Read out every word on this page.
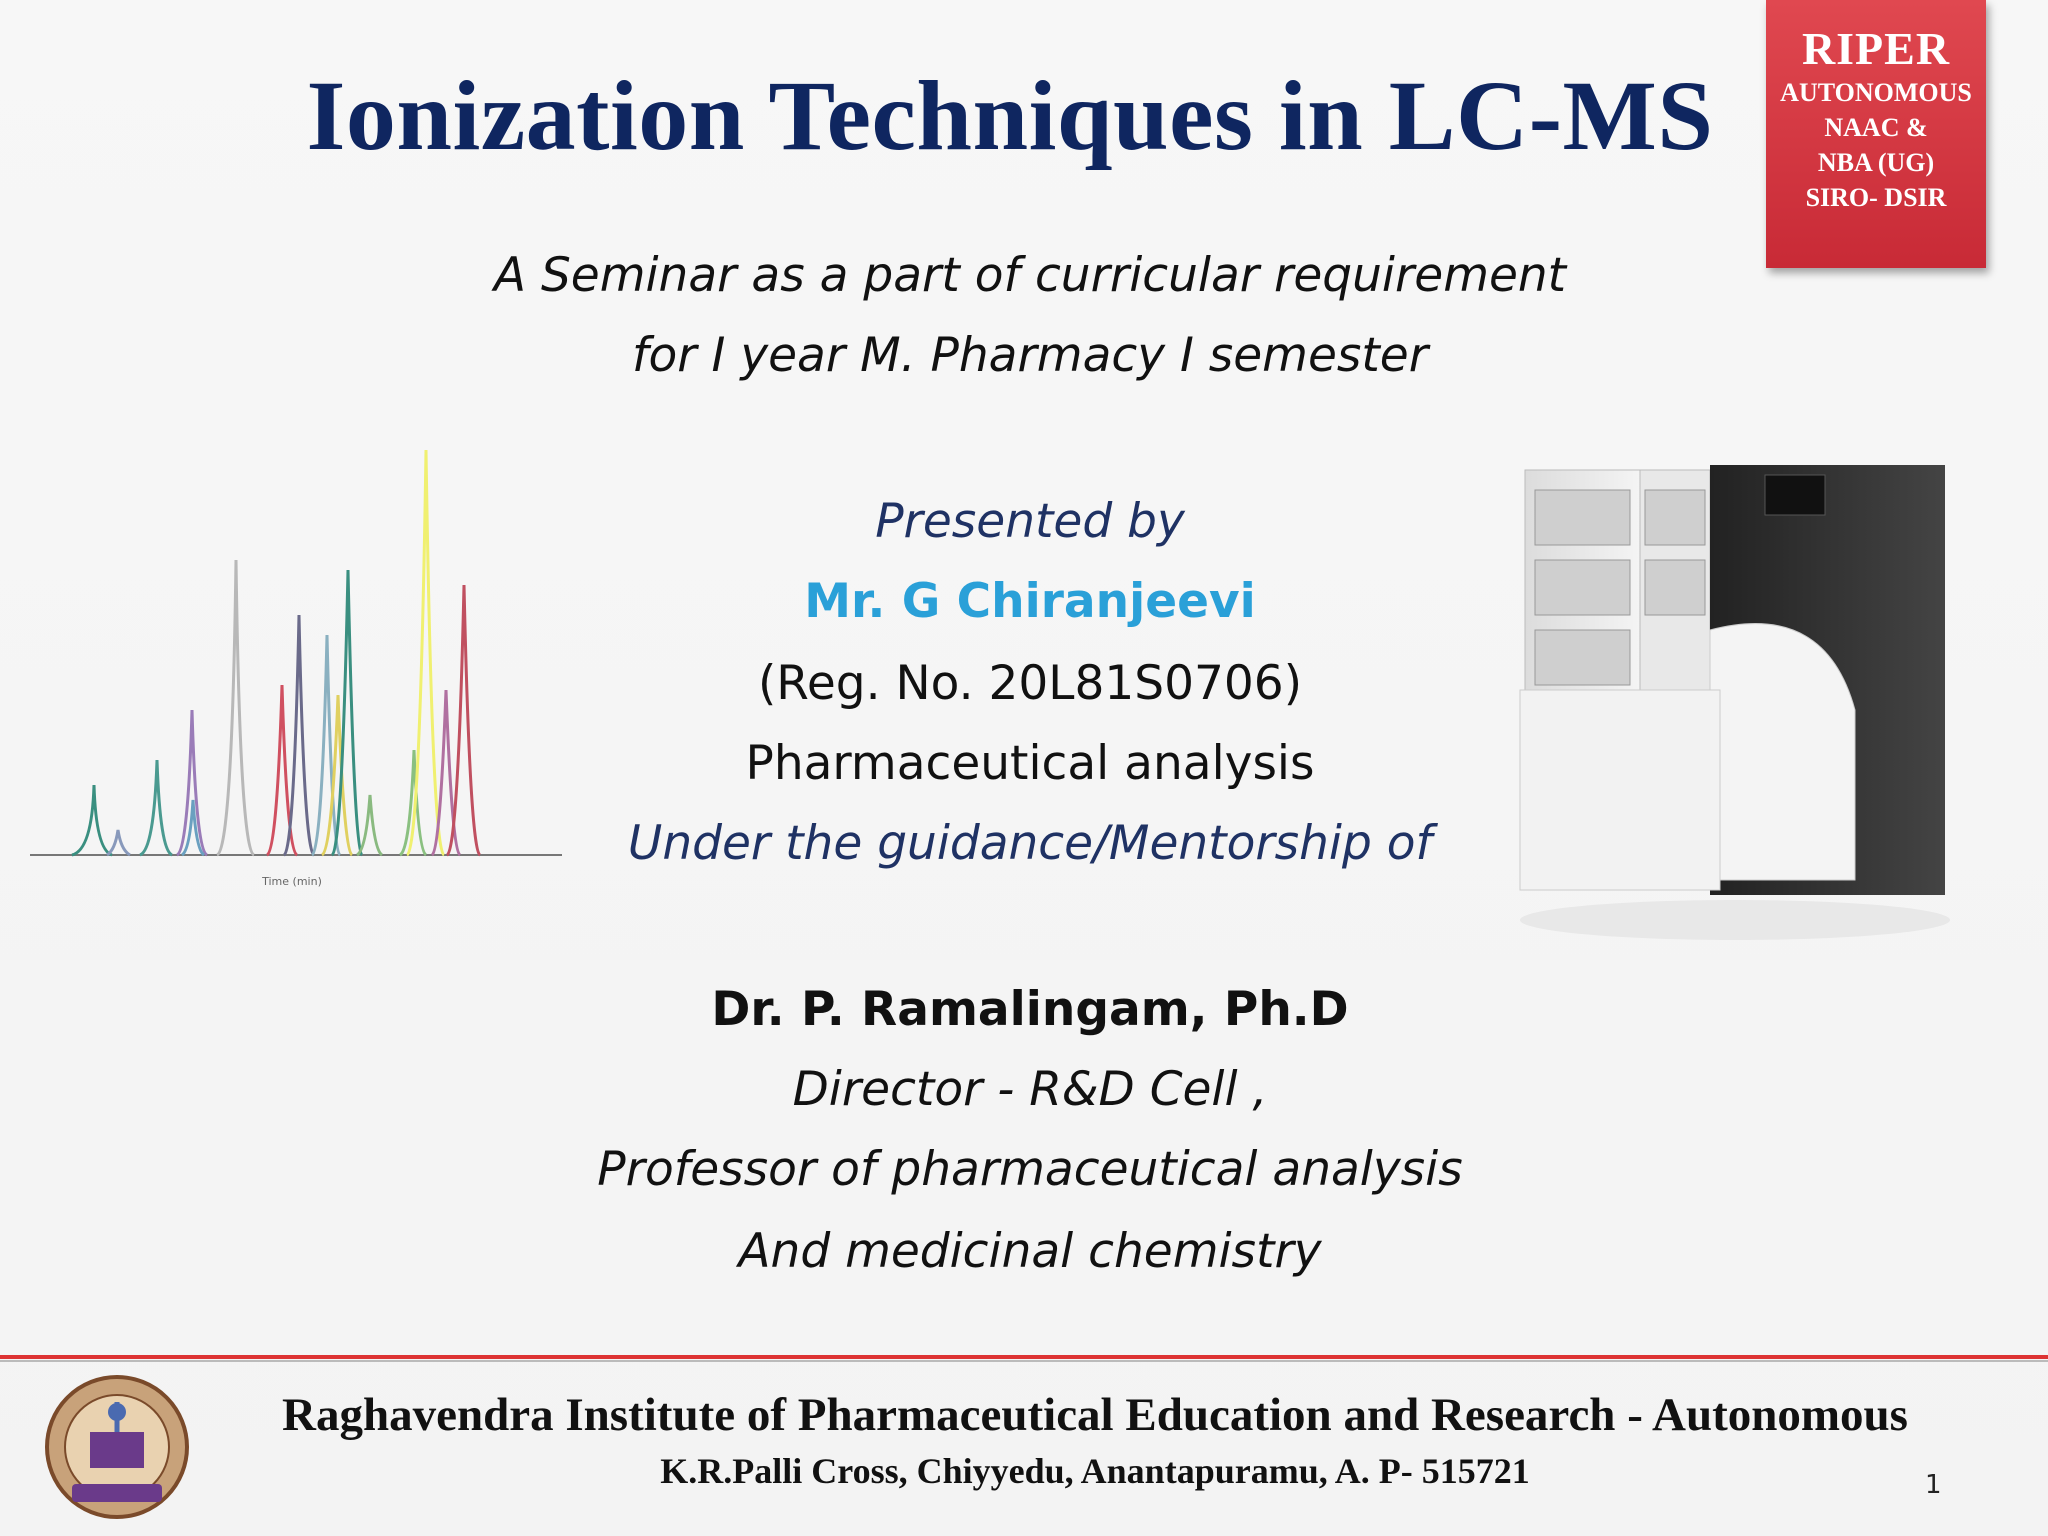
Ionization Techniques in LC-MS
RIPER
AUTONOMOUS
NAAC &
NBA (UG)
SIRO- DSIR
A Seminar as a part of curricular requirement
for I year M. Pharmacy I semester
Presented by
Mr. G Chiranjeevi
(Reg. No. 20L81S0706)
Pharmaceutical analysis
Under the guidance/Mentorship of
Dr. P. Ramalingam, Ph.D
Director - R&D Cell ,
Professor of pharmaceutical analysis
And medicinal chemistry
Time (min)
Raghavendra Institute of Pharmaceutical Education and Research - Autonomous
K.R.Palli Cross, Chiyyedu, Anantapuramu, A. P- 515721	1
